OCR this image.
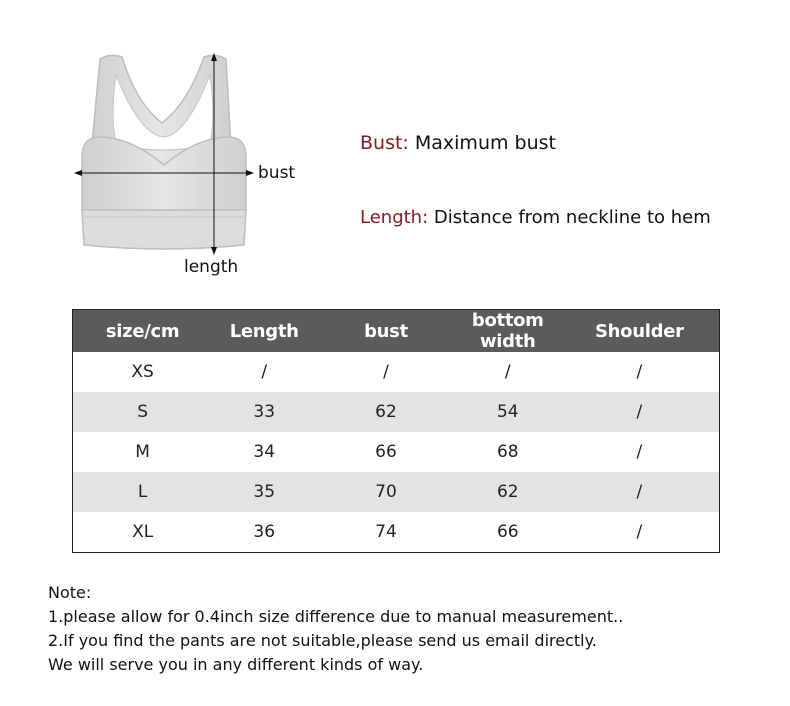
bust
length
Bust: Maximum bust
Length: Distance from neckline to hem
size/cm	Length	bust	bottom width	Shoulder
XS	/	/	/	/
S	33	62	54	/
M	34	66	68	/
L	35	70	62	/
XL	36	74	66	/
Note:
1.please allow for 0.4inch size difference due to manual measurement..
2.If you find the pants are not suitable,please send us email directly.
We will serve you in any different kinds of way.
